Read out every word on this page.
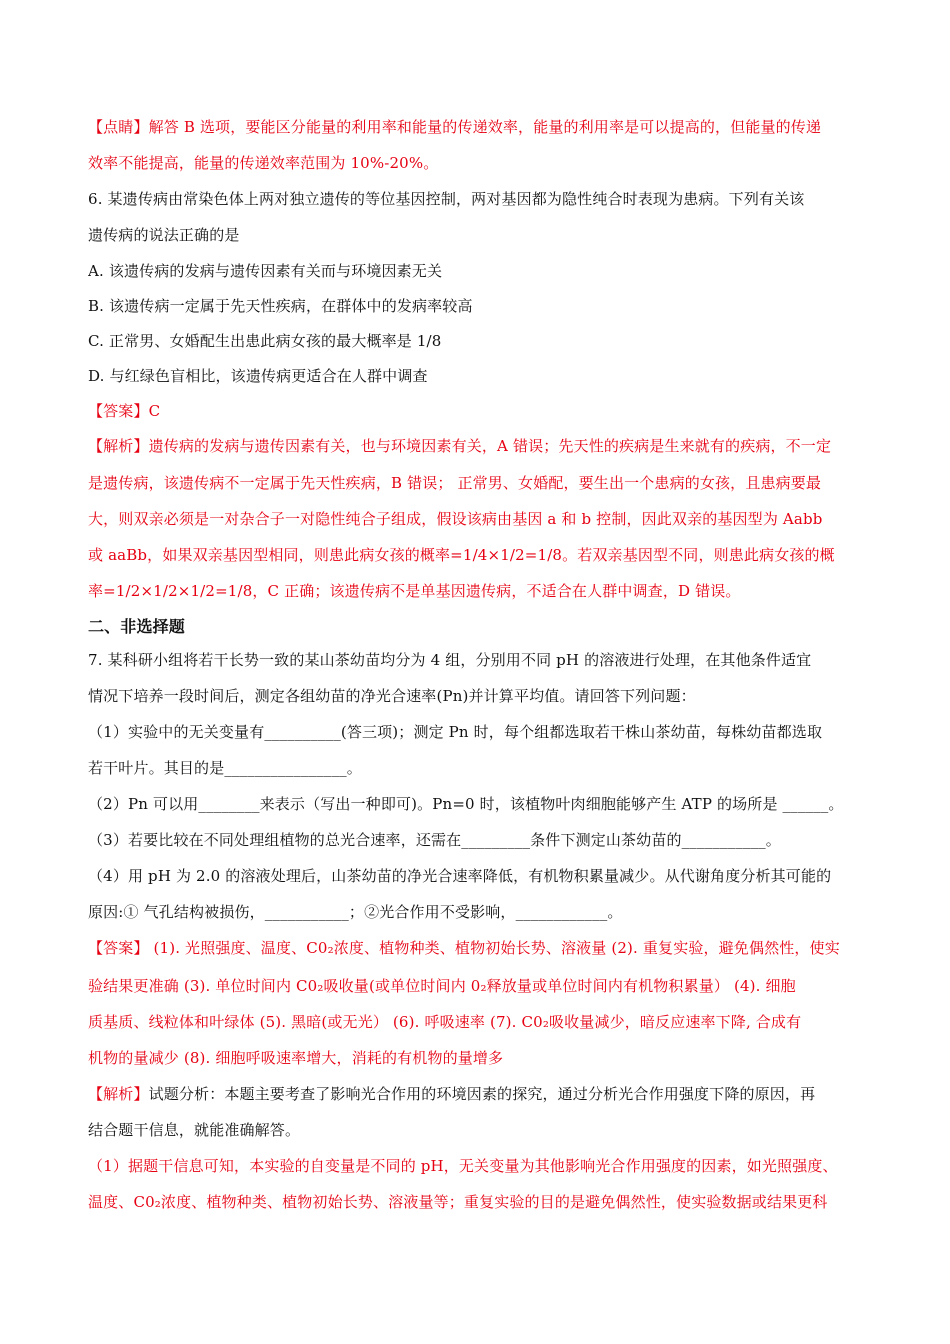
【点睛】解答 B 选项，要能区分能量的利用率和能量的传递效率，能量的利用率是可以提高的，但能量的传递
效率不能提高，能量的传递效率范围为 10%-20%。
6. 某遗传病由常染色体上两对独立遗传的等位基因控制，两对基因都为隐性纯合时表现为患病。下列有关该
遗传病的说法正确的是
A. 该遗传病的发病与遗传因素有关而与环境因素无关
B. 该遗传病一定属于先天性疾病，在群体中的发病率较高
C. 正常男、女婚配生出患此病女孩的最大概率是 1/8
D. 与红绿色盲相比，该遗传病更适合在人群中调查
【答案】C
【解析】遗传病的发病与遗传因素有关，也与环境因素有关，A 错误；先天性的疾病是生来就有的疾病，不一定
是遗传病，该遗传病不一定属于先天性疾病，B 错误； 正常男、女婚配，要生出一个患病的女孩，且患病要最
大，则双亲必须是一对杂合子一对隐性纯合子组成，假设该病由基因 a 和 b 控制，因此双亲的基因型为 Aabb
或 aaBb，如果双亲基因型相同，则患此病女孩的概率=1/4×1/2=1/8。若双亲基因型不同，则患此病女孩的概
率=1/2×1/2×1/2=1/8，C 正确；该遗传病不是单基因遗传病，不适合在人群中调查，D 错误。
二、非选择题
7. 某科研小组将若干长势一致的某山茶幼苗均分为 4 组，分别用不同 pH 的溶液进行处理，在其他条件适宜
情况下培养一段时间后，测定各组幼苗的净光合速率(Pn)并计算平均值。请回答下列问题：
（1）实验中的无关变量有__________(答三项)；测定 Pn 时，每个组都选取若干株山茶幼苗，每株幼苗都选取
若干叶片。其目的是________________。
（2）Pn 可以用________来表示（写出一种即可)。Pn=0 时，该植物叶肉细胞能够产生 ATP 的场所是 ______。
（3）若要比较在不同处理组植物的总光合速率，还需在_________条件下测定山茶幼苗的___________。
（4）用 pH 为 2.0 的溶液处理后，山茶幼苗的净光合速率降低，有机物积累量减少。从代谢角度分析其可能的
原因:① 气孔结构被损伤，___________；②光合作用不受影响，____________。
【答案】 (1). 光照强度、温度、C0₂浓度、植物种类、植物初始长势、溶液量 (2). 重复实验，避免偶然性，使实
验结果更准确 (3). 单位时间内 C0₂吸收量(或单位时间内 0₂释放量或单位时间内有机物积累量） (4). 细胞
质基质、线粒体和叶绿体 (5). 黑暗(或无光） (6). 呼吸速率 (7). C0₂吸收量减少，暗反应速率下降, 合成有
机物的量减少 (8). 细胞呼吸速率增大，消耗的有机物的量增多
【解析】试题分析：本题主要考查了影响光合作用的环境因素的探究，通过分析光合作用强度下降的原因，再
结合题干信息，就能准确解答。
（1）据题干信息可知，本实验的自变量是不同的 pH，无关变量为其他影响光合作用强度的因素，如光照强度、
温度、C0₂浓度、植物种类、植物初始长势、溶液量等；重复实验的目的是避免偶然性，使实验数据或结果更科
